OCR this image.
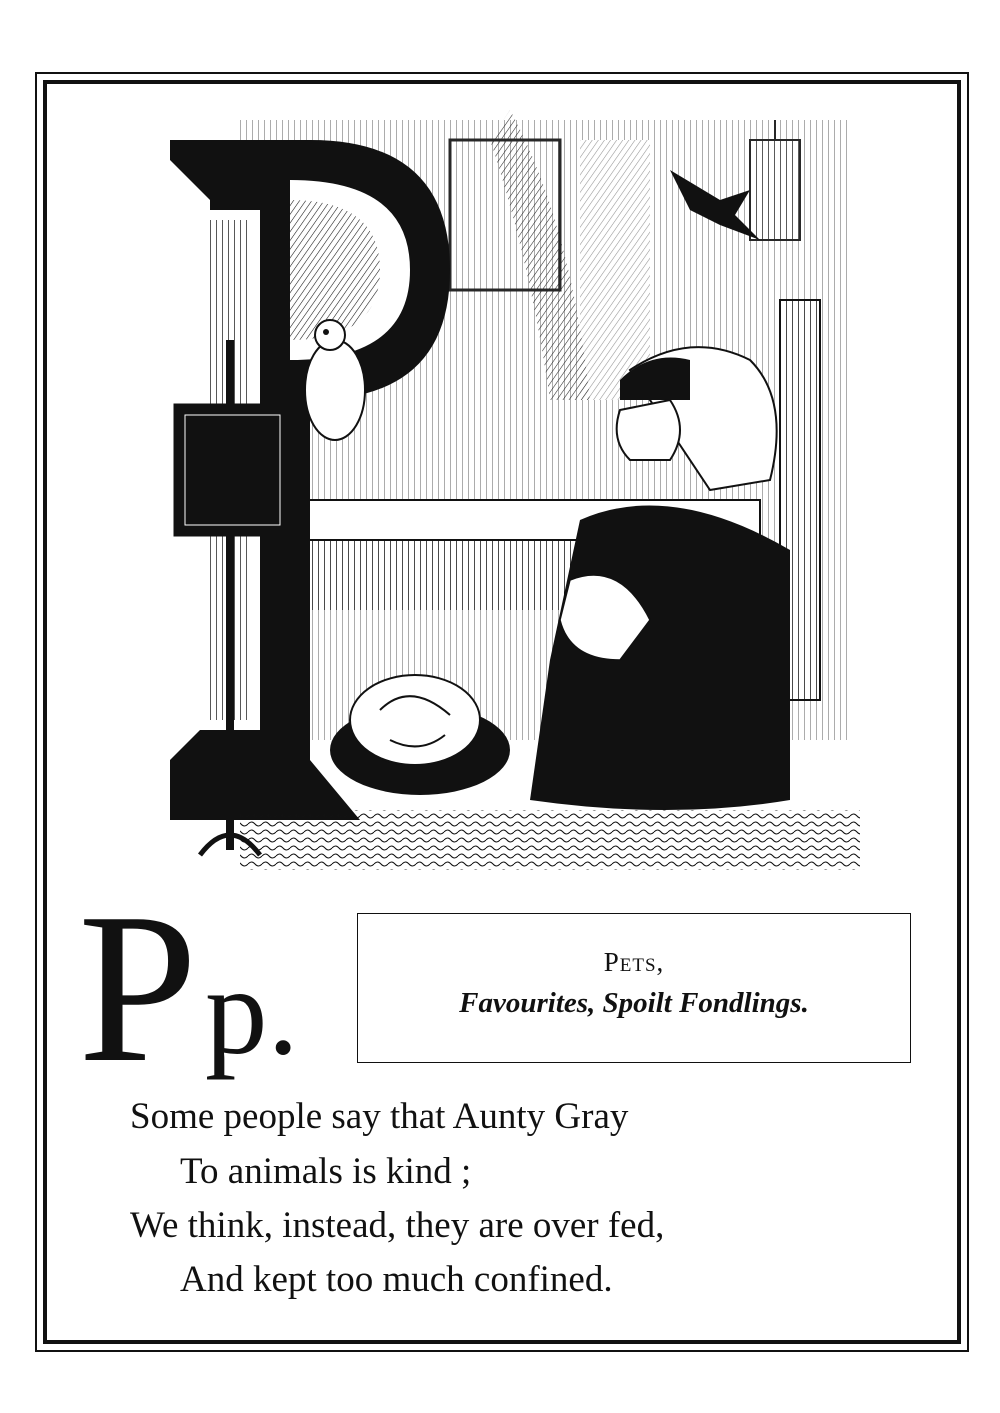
P p.	Pets,
Favourites, Spoilt Fondlings.
Some people say that Aunty Gray
To animals is kind ;
We think, instead, they are over fed,
And kept too much confined.
